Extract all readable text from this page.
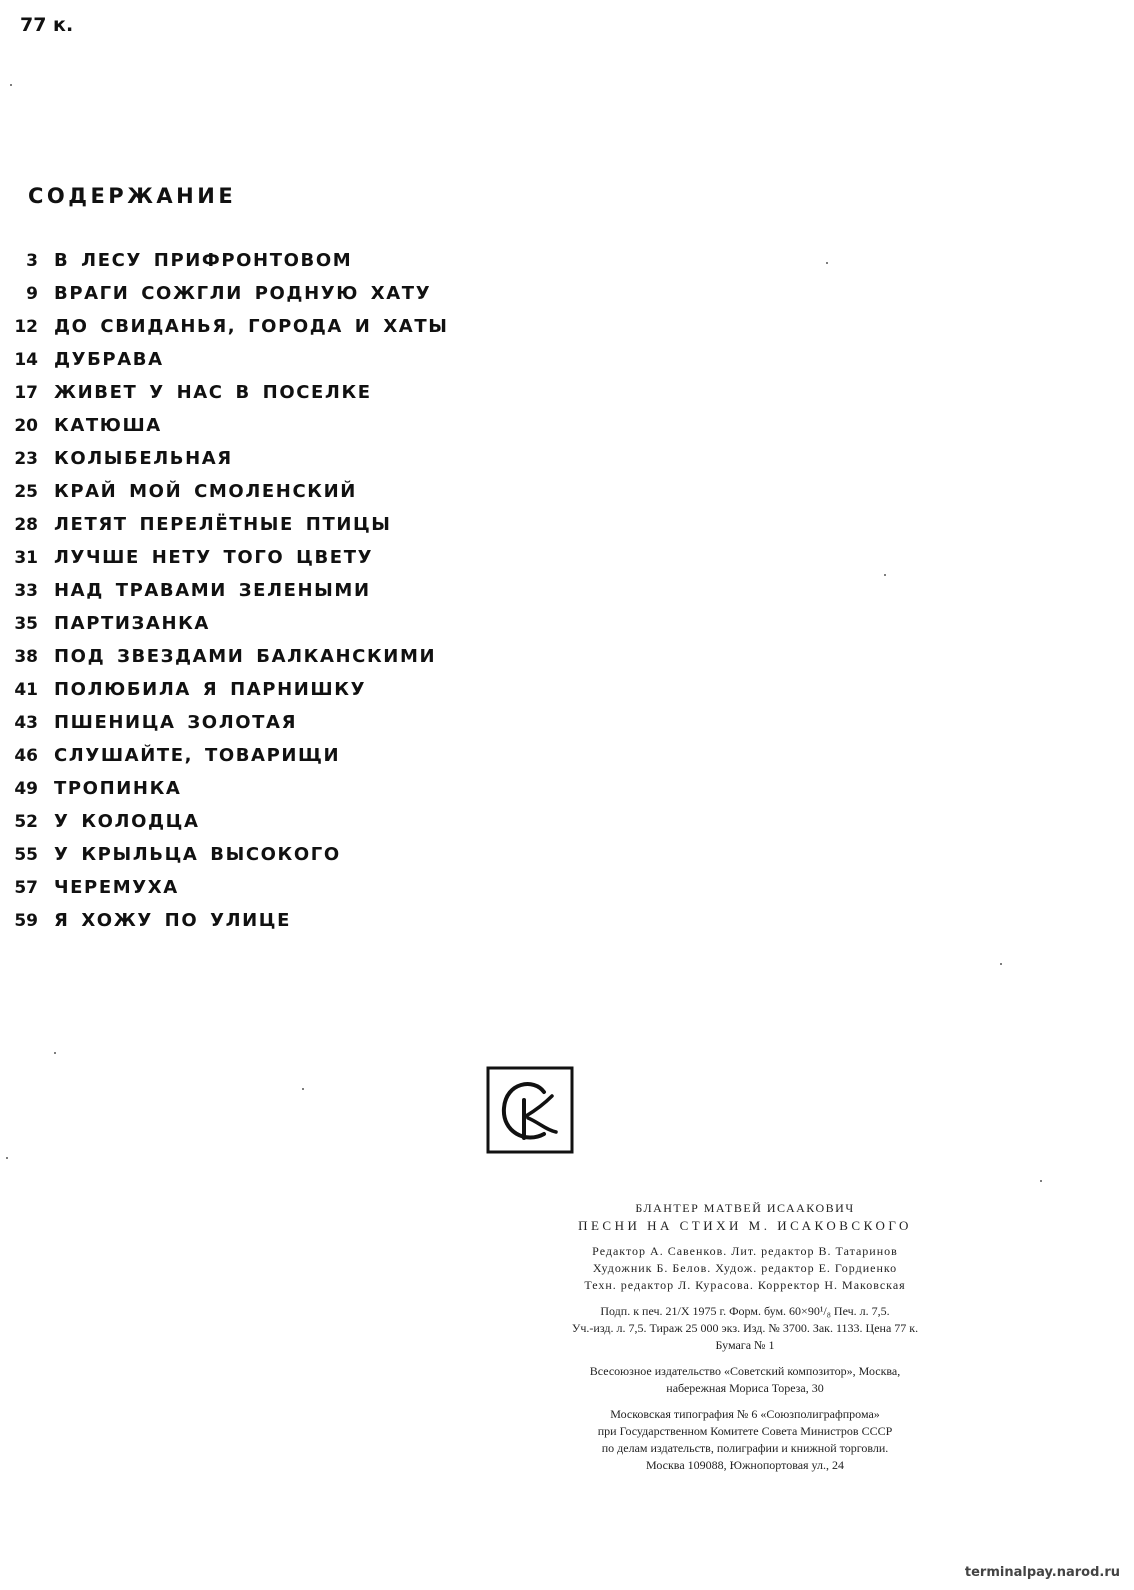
77 к.
СОДЕРЖАНИЕ
3 В ЛЕСУ ПРИФРОНТОВОМ
9 ВРАГИ СОЖГЛИ РОДНУЮ ХАТУ
12 ДО СВИДАНЬЯ, ГОРОДА И ХАТЫ
14 ДУБРАВА
17 ЖИВЕТ У НАС В ПОСЕЛКЕ
20 КАТЮША
23 КОЛЫБЕЛЬНАЯ
25 КРАЙ МОЙ СМОЛЕНСКИЙ
28 ЛЕТЯТ ПЕРЕЛЁТНЫЕ ПТИЦЫ
31 ЛУЧШЕ НЕТУ ТОГО ЦВЕТУ
33 НАД ТРАВАМИ ЗЕЛЕНЫМИ
35 ПАРТИЗАНКА
38 ПОД ЗВЕЗДАМИ БАЛКАНСКИМИ
41 ПОЛЮБИЛА Я ПАРНИШКУ
43 ПШЕНИЦА ЗОЛОТАЯ
46 СЛУШАЙТЕ, ТОВАРИЩИ
49 ТРОПИНКА
52 У КОЛОДЦА
55 У КРЫЛЬЦА ВЫСОКОГО
57 ЧЕРЕМУХА
59 Я ХОЖУ ПО УЛИЦЕ
БЛАНТЕР МАТВЕЙ ИСААКОВИЧ
ПЕСНИ НА СТИХИ М. ИСАКОВСКОГО
Редактор А. Савенков. Лит. редактор В. Татаринов
Художник Б. Белов. Худож. редактор Е. Гордиенко
Техн. редактор Л. Курасова. Корректор Н. Маковская
Подп. к печ. 21/X 1975 г. Форм. бум. 60×90¹/₈ Печ. л. 7,5.
Уч.-изд. л. 7,5. Тираж 25 000 экз. Изд. № 3700. Зак. 1133. Цена 77 к.
Бумага № 1
Всесоюзное издательство «Советский композитор», Москва,
набережная Мориса Тореза, 30
Московская типография № 6 «Союзполиграфпрома»
при Государственном Комитете Совета Министров СССР
по делам издательств, полиграфии и книжной торговли.
Москва 109088, Южнопортовая ул., 24
terminalpay.narod.ru
